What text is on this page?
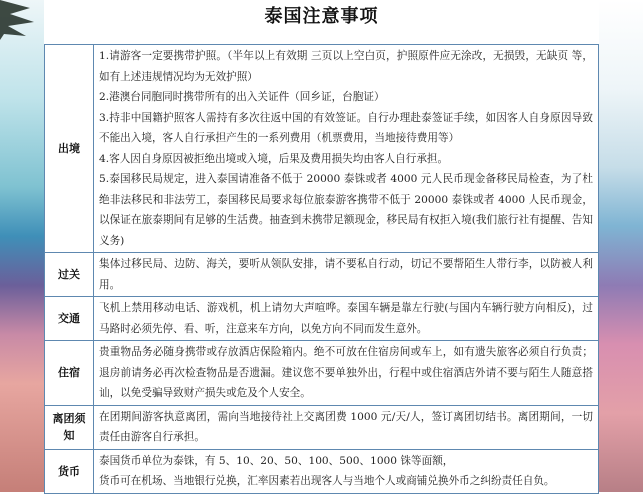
泰国注意事项
出境	1.请游客一定要携带护照。（半年以上有效期 三页以上空白页，护照原件应无涂改，无损毁，无缺页 等，如有上述违规情况均为无效护照）

2.港澳台同胞同时携带所有的出入关证件（回乡证，台胞证）

3.持非中国籍护照客人需持有多次往返中国的有效签证。自行办理赴泰签证手续，如因客人自身原因导致不能出入境，客人自行承担产生的一系列费用（机票费用，当地接待费用等）

4.客人因自身原因被拒绝出境或入境，后果及费用损失均由客人自行承担。

5.泰国移民局规定，进入泰国请准备不低于 20000 泰铢或者 4000 元人民币现金备移民局检查，为了杜绝非法移民和非法劳工，泰国移民局要求每位旅泰游客携带不低于 20000 泰铢或者 4000 人民币现金，以保证在旅泰期间有足够的生活费。抽查到未携带足额现金，移民局有权拒入境(我们旅行社有提醒、告知义务)

过关	集体过移民局、边防、海关，要听从领队安排，请不要私自行动，切记不要帮陌生人带行李，以防被人利用。

交通	飞机上禁用移动电话、游戏机，机上请勿大声喧哗。泰国车辆是靠左行驶(与国内车辆行驶方向相反)，过马路时必须先停、看、听，注意来车方向，以免方向不同而发生意外。

住宿	贵重物品务必随身携带或存放酒店保险箱内。绝不可放在住宿房间或车上，如有遗失旅客必须自行负责；退房前请务必再次检查物品是否遗漏。建议您不要单独外出，行程中或住宿酒店外请不要与陌生人随意搭讪，以免受骗导致财产损失或危及个人安全。

离团须知	在团期间游客执意离团，需向当地接待社上交离团费 1000 元/天/人，签订离团切结书。离团期间，一切责任由游客自行承担。

货币	泰国货币单位为泰铢，有 5、10、20、50、100、500、1000 铢等面额，

货币可在机场、当地银行兑换，汇率因素若出现客人与当地个人或商铺兑换外币之纠纷责任自负。
